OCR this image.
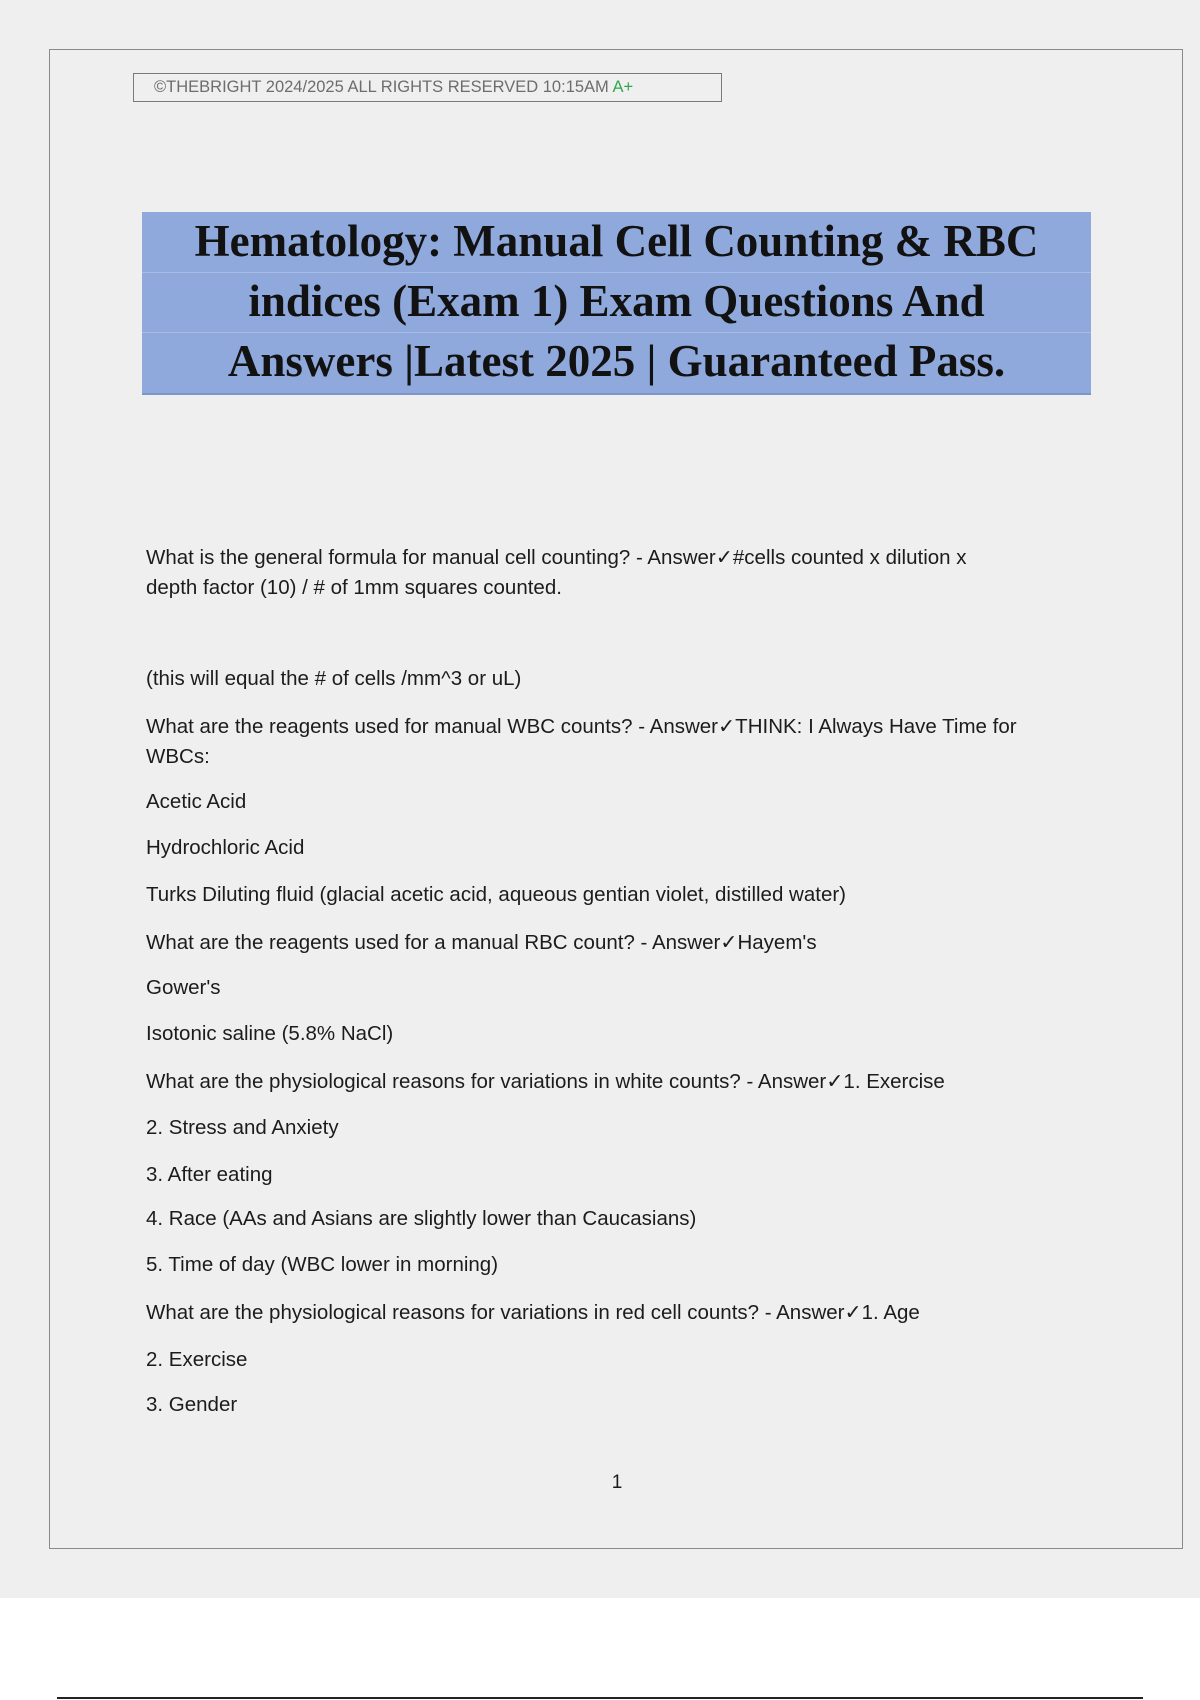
©THEBRIGHT 2024/2025 ALL RIGHTS RESERVED 10:15AM A+
Hematology: Manual Cell Counting & RBC
indices (Exam 1) Exam Questions And
Answers |Latest 2025 | Guaranteed Pass.
What is the general formula for manual cell counting? - Answer✓#cells counted x dilution x
depth factor (10) / # of 1mm squares counted.
(this will equal the # of cells /mm^3 or uL)
What are the reagents used for manual WBC counts? - Answer✓THINK: I Always Have Time for
WBCs:
Acetic Acid
Hydrochloric Acid
Turks Diluting fluid (glacial acetic acid, aqueous gentian violet, distilled water)
What are the reagents used for a manual RBC count? - Answer✓Hayem's
Gower's
Isotonic saline (5.8% NaCl)
What are the physiological reasons for variations in white counts? - Answer✓1. Exercise
2. Stress and Anxiety
3. After eating
4. Race (AAs and Asians are slightly lower than Caucasians)
5. Time of day (WBC lower in morning)
What are the physiological reasons for variations in red cell counts? - Answer✓1. Age
2. Exercise
3. Gender
1
